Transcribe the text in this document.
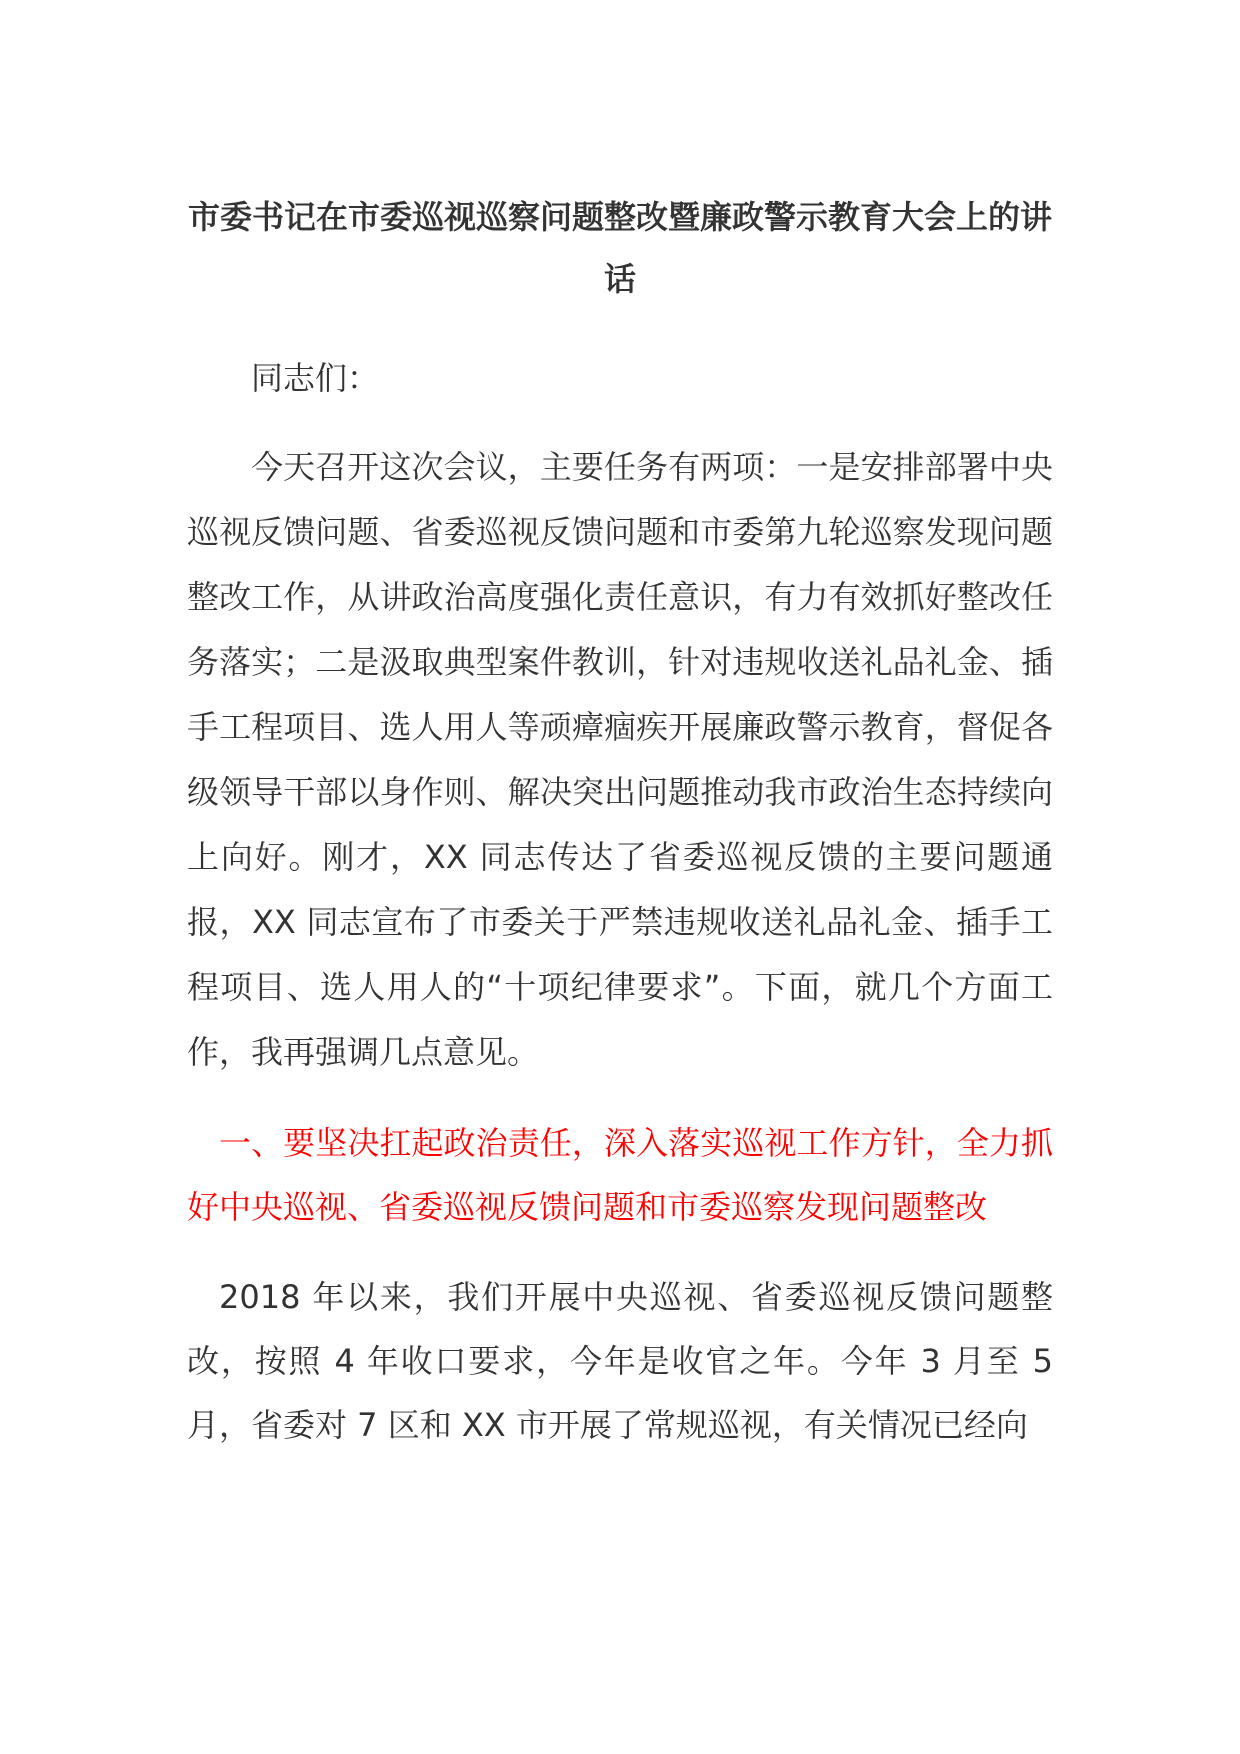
市委书记在市委巡视巡察问题整改暨廉政警示教育大会上的讲话

同志们：

今天召开这次会议，主要任务有两项：一是安排部署中央巡视反馈问题、省委巡视反馈问题和市委第九轮巡察发现问题整改工作，从讲政治高度强化责任意识，有力有效抓好整改任务落实；二是汲取典型案件教训，针对违规收送礼品礼金、插手工程项目、选人用人等顽瘴痼疾开展廉政警示教育，督促各级领导干部以身作则、解决突出问题推动我市政治生态持续向上向好。刚才，XX 同志传达了省委巡视反馈的主要问题通报，XX 同志宣布了市委关于严禁违规收送礼品礼金、插手工程项目、选人用人的“十项纪律要求”。下面，就几个方面工作，我再强调几点意见。

一、要坚决扛起政治责任，深入落实巡视工作方针，全力抓好中央巡视、省委巡视反馈问题和市委巡察发现问题整改

2018 年以来，我们开展中央巡视、省委巡视反馈问题整改，按照 4 年收口要求，今年是收官之年。今年 3 月至 5 月，省委对 7 区和 XX 市开展了常规巡视，有关情况已经向
